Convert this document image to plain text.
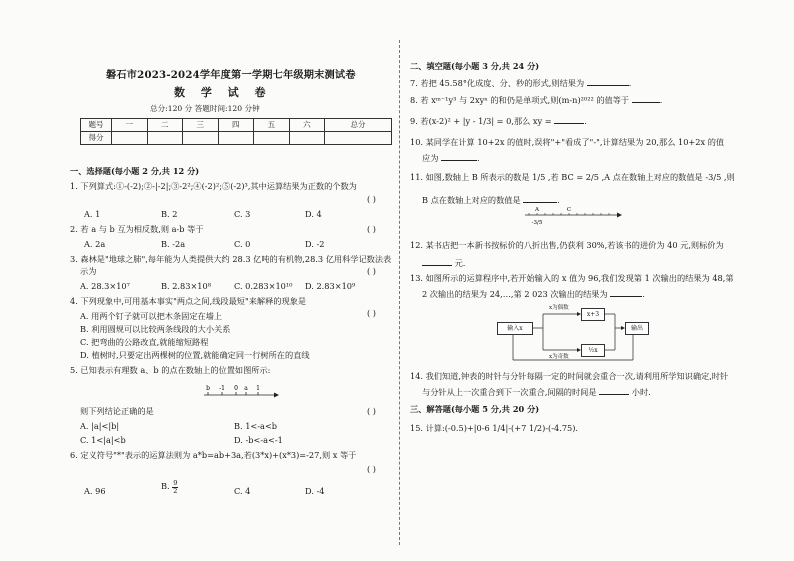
磐石市2023-2024学年度第一学期七年级期末测试卷
数 学 试 卷
总分:120 分 答题时间:120 分钟
题号	一	二	三	四	五	六	总分
得分							
一、选择题(每小题 2 分,共 12 分)
1. 下列算式:①-(-2);②-|-2|;③-2²;④(-2)²;⑤(-2)³,其中运算结果为正数的个数为
( )
A. 1	B. 2	C. 3	D. 4
2. 若 a 与 b 互为相反数,则 a-b 等于	( )
A. 2a	B. -2a	C. 0	D. -2
3. 森林是"地球之肺",每年能为人类提供大约 28.3 亿吨的有机物,28.3 亿用科学记数法表
示为	( )
A. 28.3×10⁷	B. 2.83×10⁸	C. 0.283×10¹⁰ D. 2.83×10⁹
4. 下列现象中,可用基本事实"两点之间,线段最短"来解释的现象是
( )
A. 用两个钉子就可以把木条固定在墙上
B. 利用圆规可以比较两条线段的大小关系
C. 把弯曲的公路改直,就能缩短路程
D. 植树时,只要定出两棵树的位置,就能确定同一行树所在的直线
5. 已知表示有理数 a、b 的点在数轴上的位置如图所示:
b -1 0 a 1
则下列结论正确的是	( )
A. |a|<|b|	B. 1<-a<b
C. 1<|a|<b	D. -b<-a<-1
6. 定义符号"*"表示的运算法则为 a*b=ab+3a,若(3*x)+(x*3)=-27,则 x 等于
( )
A. 96	B. $\frac{9}{2}$	C. 4	D. -4
二、填空题(每小题 3 分,共 24 分)
7. 若把 45.58°化成度、分、秒的形式,则结果为	.
8. 若 xᵐ⁻¹y³ 与 2xyⁿ 的和仍是单项式,则(m-n)²⁰²² 的值等于	.
9. 若(x-2)² + |y - 1/3| = 0,那么 xy =	.
10. 某同学在计算 10+2x 的值时,误将"+"看成了"-",计算结果为 20,那么 10+2x 的值
应为	.
11. 如图,数轴上 B 所表示的数是 1/5 ,若 BC = 2/5 ,A 点在数轴上对应的数值是 -3/5 ,则
B 点在数轴上对应的数值是	.
A	C
-3/5
12. 某书店把一本新书按标价的八折出售,仍获利 30%,若该书的进价为 40 元,则标价为
元.
13. 如图所示的运算程序中,若开始输入的 x 值为 96,我们发现第 1 次输出的结果为 48,第
2 次输出的结果为 24,…,第 2 023 次输出的结果为	.
输入x
x为偶数
x为奇数
x+3
½x
输出
14. 我们知道,钟表的时针与分针每隔一定的时间就会重合一次,请利用所学知识确定,时针
与分针从上一次重合到下一次重合,间隔的时间是	小时.
三、解答题(每小题 5 分,共 20 分)
15. 计算:(-0.5)+|0-6 1/4|-(+7 1/2)-(-4.75).
